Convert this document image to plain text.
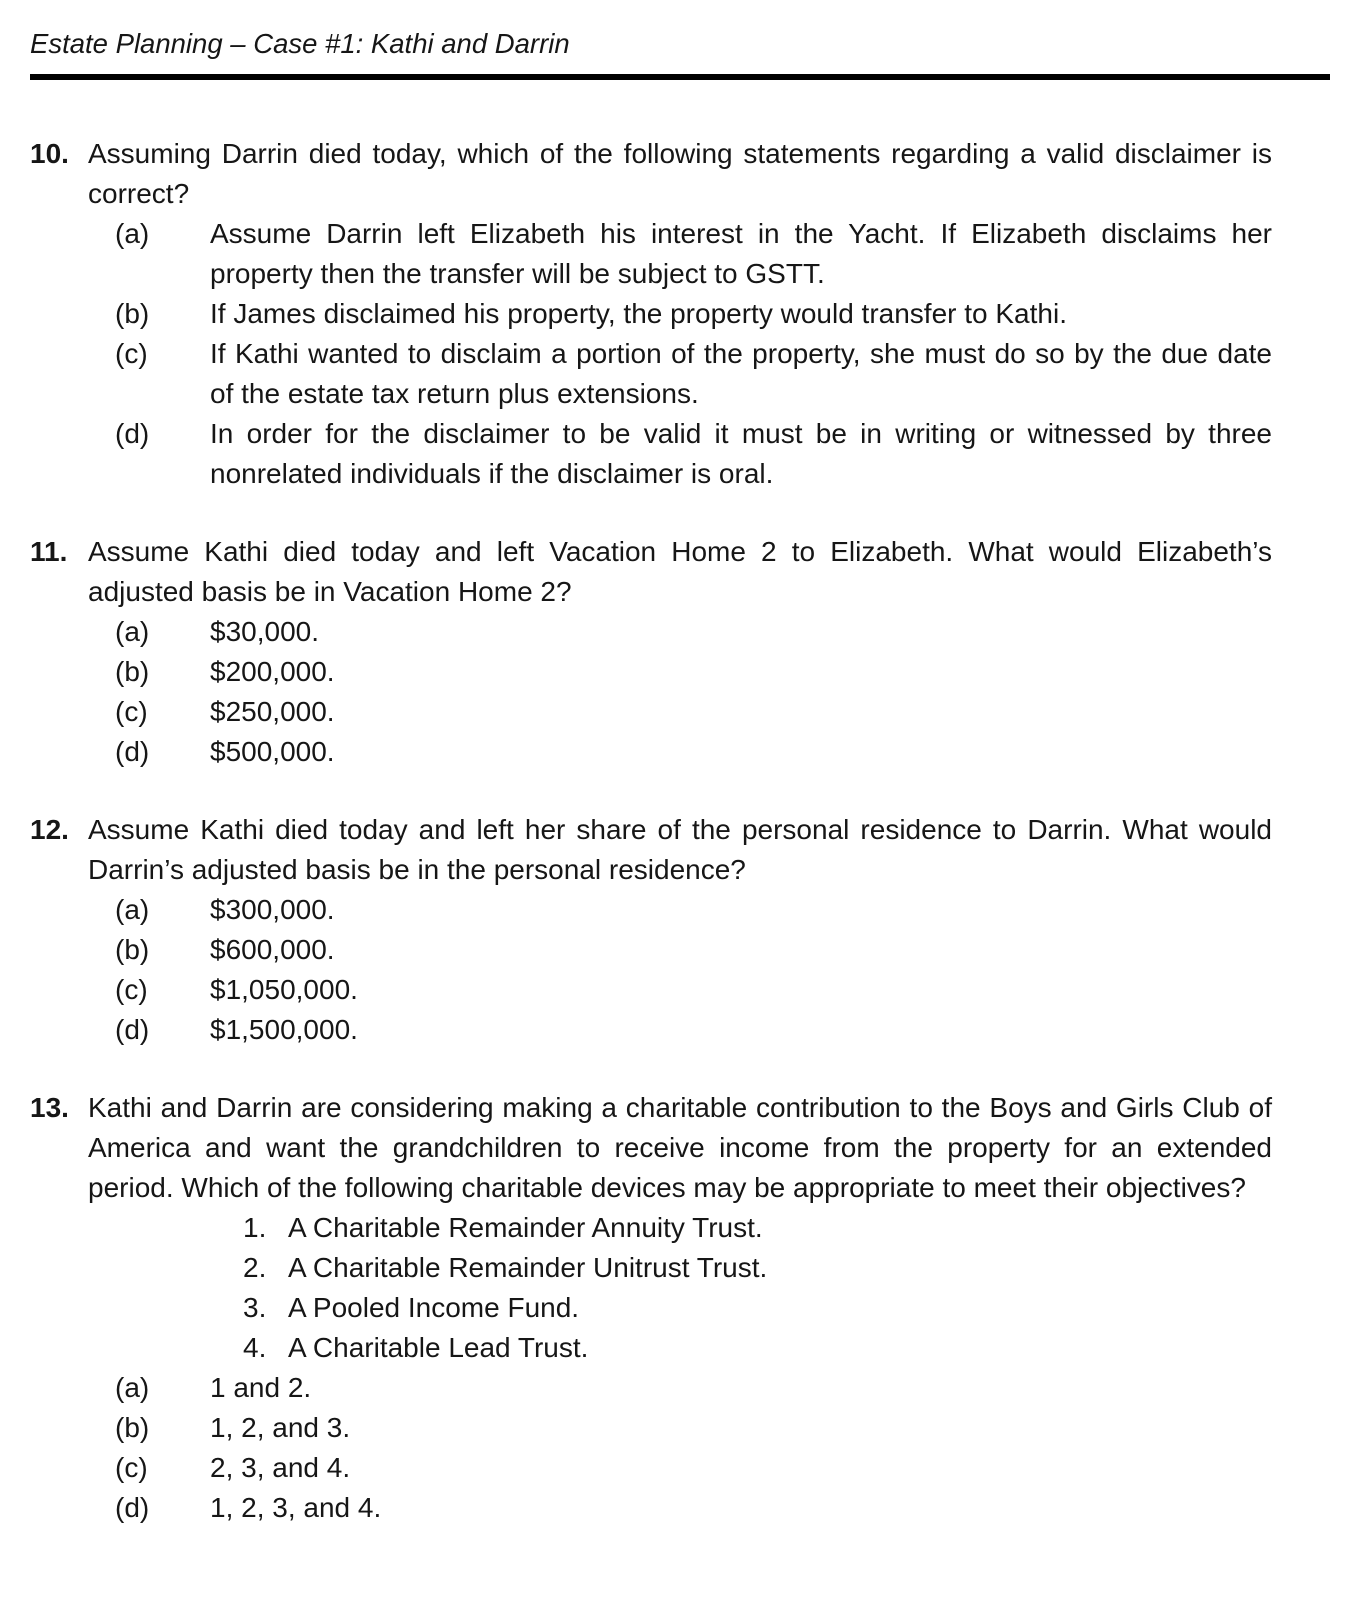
Estate Planning – Case #1: Kathi and Darrin
10. Assuming Darrin died today, which of the following statements regarding a valid disclaimer is correct?

(a)	Assume Darrin left Elizabeth his interest in the Yacht. If Elizabeth disclaims her property then the transfer will be subject to GSTT.
(b)	If James disclaimed his property, the property would transfer to Kathi.
(c)	If Kathi wanted to disclaim a portion of the property, she must do so by the due date of the estate tax return plus extensions.
(d)	In order for the disclaimer to be valid it must be in writing or witnessed by three nonrelated individuals if the disclaimer is oral.
11. Assume Kathi died today and left Vacation Home 2 to Elizabeth. What would Elizabeth’s adjusted basis be in Vacation Home 2?

(a)	$30,000.
(b)	$200,000.
(c)	$250,000.
(d)	$500,000.
12. Assume Kathi died today and left her share of the personal residence to Darrin. What would Darrin’s adjusted basis be in the personal residence?

(a)	$300,000.
(b)	$600,000.
(c)	$1,050,000.
(d)	$1,500,000.
13. Kathi and Darrin are considering making a charitable contribution to the Boys and Girls Club of America and want the grandchildren to receive income from the property for an extended period. Which of the following charitable devices may be appropriate to meet their objectives?

1. A Charitable Remainder Annuity Trust.
2. A Charitable Remainder Unitrust Trust.
3. A Pooled Income Fund.
4. A Charitable Lead Trust.
(a)	1 and 2.
(b)	1, 2, and 3.
(c)	2, 3, and 4.
(d)	1, 2, 3, and 4.
